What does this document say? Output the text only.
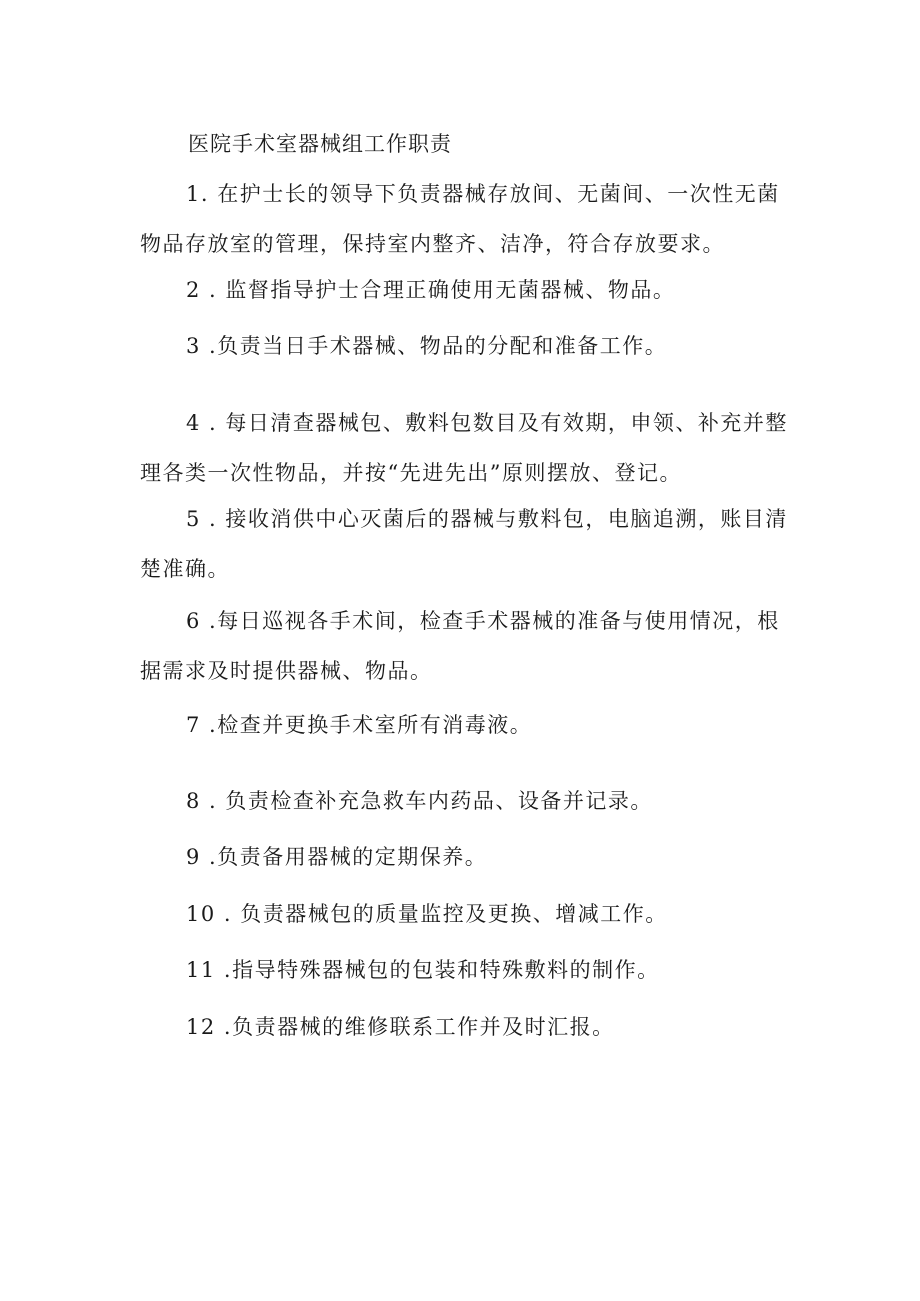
医院手术室器械组工作职责

1. 在护士长的领导下负责器械存放间、无菌间、一次性无菌物品存放室的管理，保持室内整齐、洁净，符合存放要求。

2 . 监督指导护士合理正确使用无菌器械、物品。

3 .负责当日手术器械、物品的分配和准备工作。

4 . 每日清查器械包、敷料包数目及有效期，申领、补充并整理各类一次性物品，并按“先进先出”原则摆放、登记。

5 . 接收消供中心灭菌后的器械与敷料包，电脑追溯，账目清楚准确。

6 .每日巡视各手术间，检查手术器械的准备与使用情况，根据需求及时提供器械、物品。

7 .检查并更换手术室所有消毒液。

8 . 负责检查补充急救车内药品、设备并记录。

9 .负责备用器械的定期保养。

10 . 负责器械包的质量监控及更换、增减工作。

11 .指导特殊器械包的包装和特殊敷料的制作。

12 .负责器械的维修联系工作并及时汇报。
